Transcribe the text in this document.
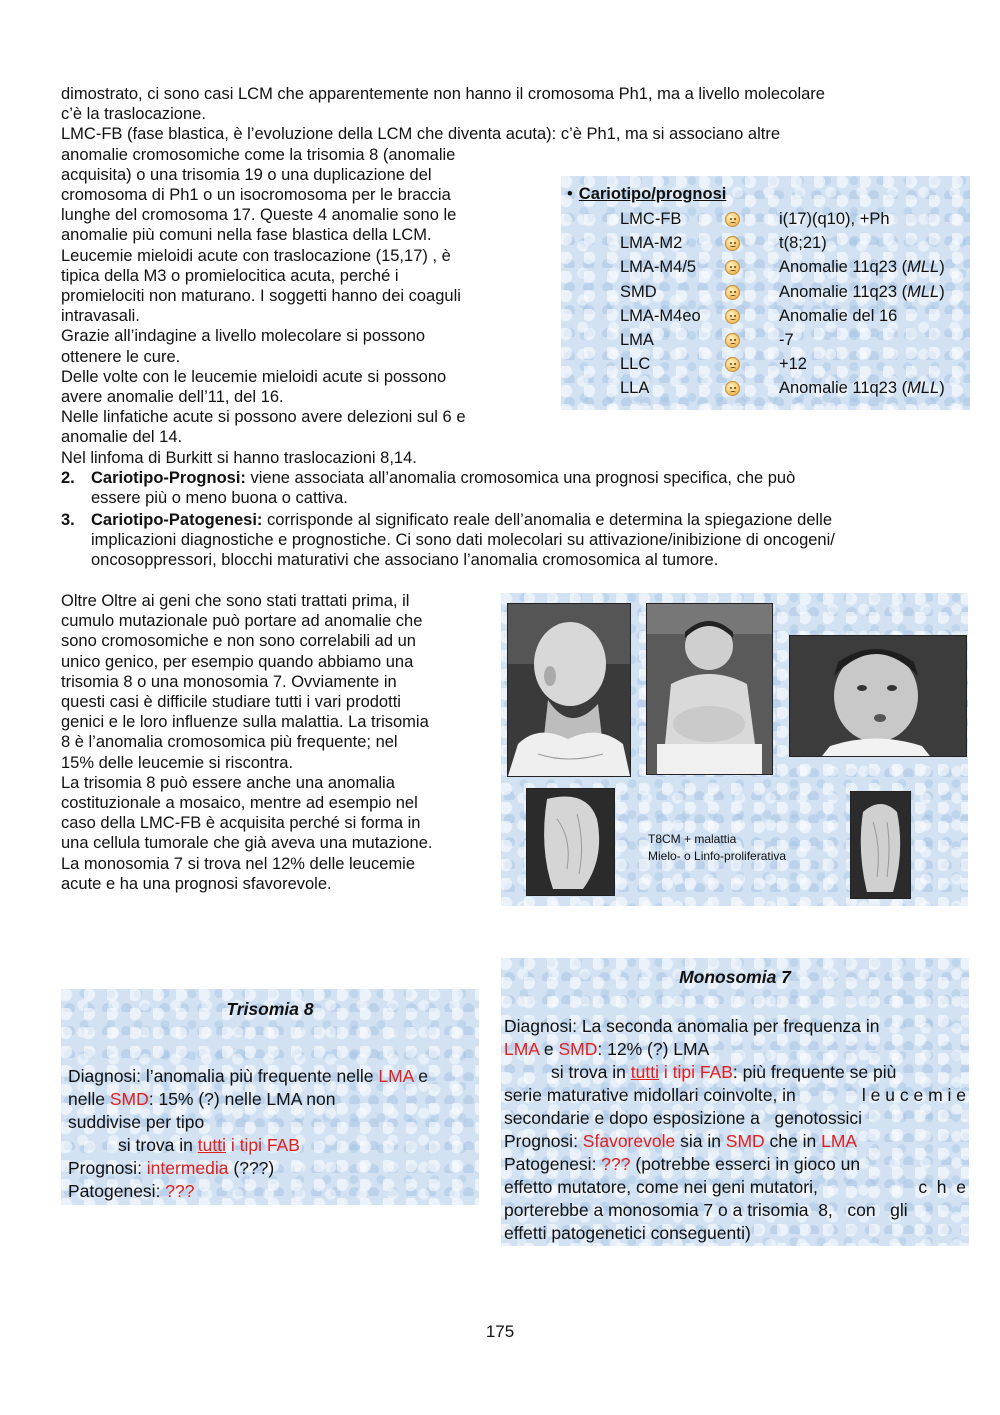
dimostrato, ci sono casi LCM che apparentemente non hanno il cromosoma Ph1, ma a livello molecolare

c’è la traslocazione.

LMC-FB (fase blastica, è l’evoluzione della LCM che diventa acuta): c’è Ph1, ma si associano altre

anomalie cromosomiche come la trisomia 8 (anomalie

acquisita) o una trisomia 19 o una duplicazione del

cromosoma di Ph1 o un isocromosoma per le braccia

lunghe del cromosoma 17. Queste 4 anomalie sono le

anomalie più comuni nella fase blastica della LCM.

Leucemie mieloidi acute con traslocazione (15,17) , è

tipica della M3 o promielocitica acuta, perché i

promielociti non maturano. I soggetti hanno dei coaguli

intravasali.

Grazie all’indagine a livello molecolare si possono

ottenere le cure.

Delle volte con le leucemie mieloidi acute si possono

avere anomalie dell’11, del 16.

Nelle linfatiche acute si possono avere delezioni sul 6 e

anomalie del 14.

Nel linfoma di Burkitt si hanno traslocazioni 8,14.

• Cariotipo/prognosi
LMC-FB	i(17)(q10), +Ph
LMA-M2	t(8;21)
LMA-M4/5	Anomalie 11q23 (MLL)
SMD	Anomalie 11q23 (MLL)
LMA-M4eo	Anomalie del 16
LMA	-7
LLC	+12
LLA	Anomalie 11q23 (MLL)
2. Cariotipo-Prognosi: viene associata all’anomalia cromosomica una prognosi specifica, che può
essere più o meno buona o cattiva.
3. Cariotipo-Patogenesi: corrisponde al significato reale dell’anomalia e determina la spiegazione delle
implicazioni diagnostiche e prognostiche. Ci sono dati molecolari su attivazione/inibizione di oncogeni/
oncosoppressori, blocchi maturativi che associano l’anomalia cromosomica al tumore.

Oltre Oltre ai geni che sono stati trattati prima, il

cumulo mutazionale può portare ad anomalie che

sono cromosomiche e non sono correlabili ad un

unico genico, per esempio quando abbiamo una

trisomia 8 o una monosomia 7. Ovviamente in

questi casi è difficile studiare tutti i vari prodotti

genici e le loro influenze sulla malattia. La trisomia

8 è l’anomalia cromosomica più frequente; nel

15% delle leucemie si riscontra.

La trisomia 8 può essere anche una anomalia

costituzionale a mosaico, mentre ad esempio nel

caso della LMC-FB è acquisita perché si forma in

una cellula tumorale che già aveva una mutazione.

La monosomia 7 si trova nel 12% delle leucemie

acute e ha una prognosi sfavorevole.

T8CM + malattia
Mielo- o Linfo-proliferativa
Trisomia 8

Diagnosi: l’anomalia più frequente nelle LMA e

nelle SMD: 15% (?) nelle LMA non

suddivise per tipo

si trova in tutti i tipi FAB

Prognosi: intermedia (???)

Patogenesi: ???

Monosomia 7

Diagnosi: La seconda anomalia per frequenza in

LMA e SMD: 12% (?) LMA

si trova in tutti i tipi FAB: più frequente se più

serie maturative midollari coinvolte, in	l e u c e m i e

secondarie e dopo esposizione a   genotossici

Prognosi: Sfavorevole sia in SMD che in LMA

Patogenesi: ??? (potrebbe esserci in gioco un

effetto mutatore, come nei geni mutatori,	c  h  e

porterebbe a monosomia 7 o a trisomia  8,   con   gli

effetti patogenetici conseguenti)

175
